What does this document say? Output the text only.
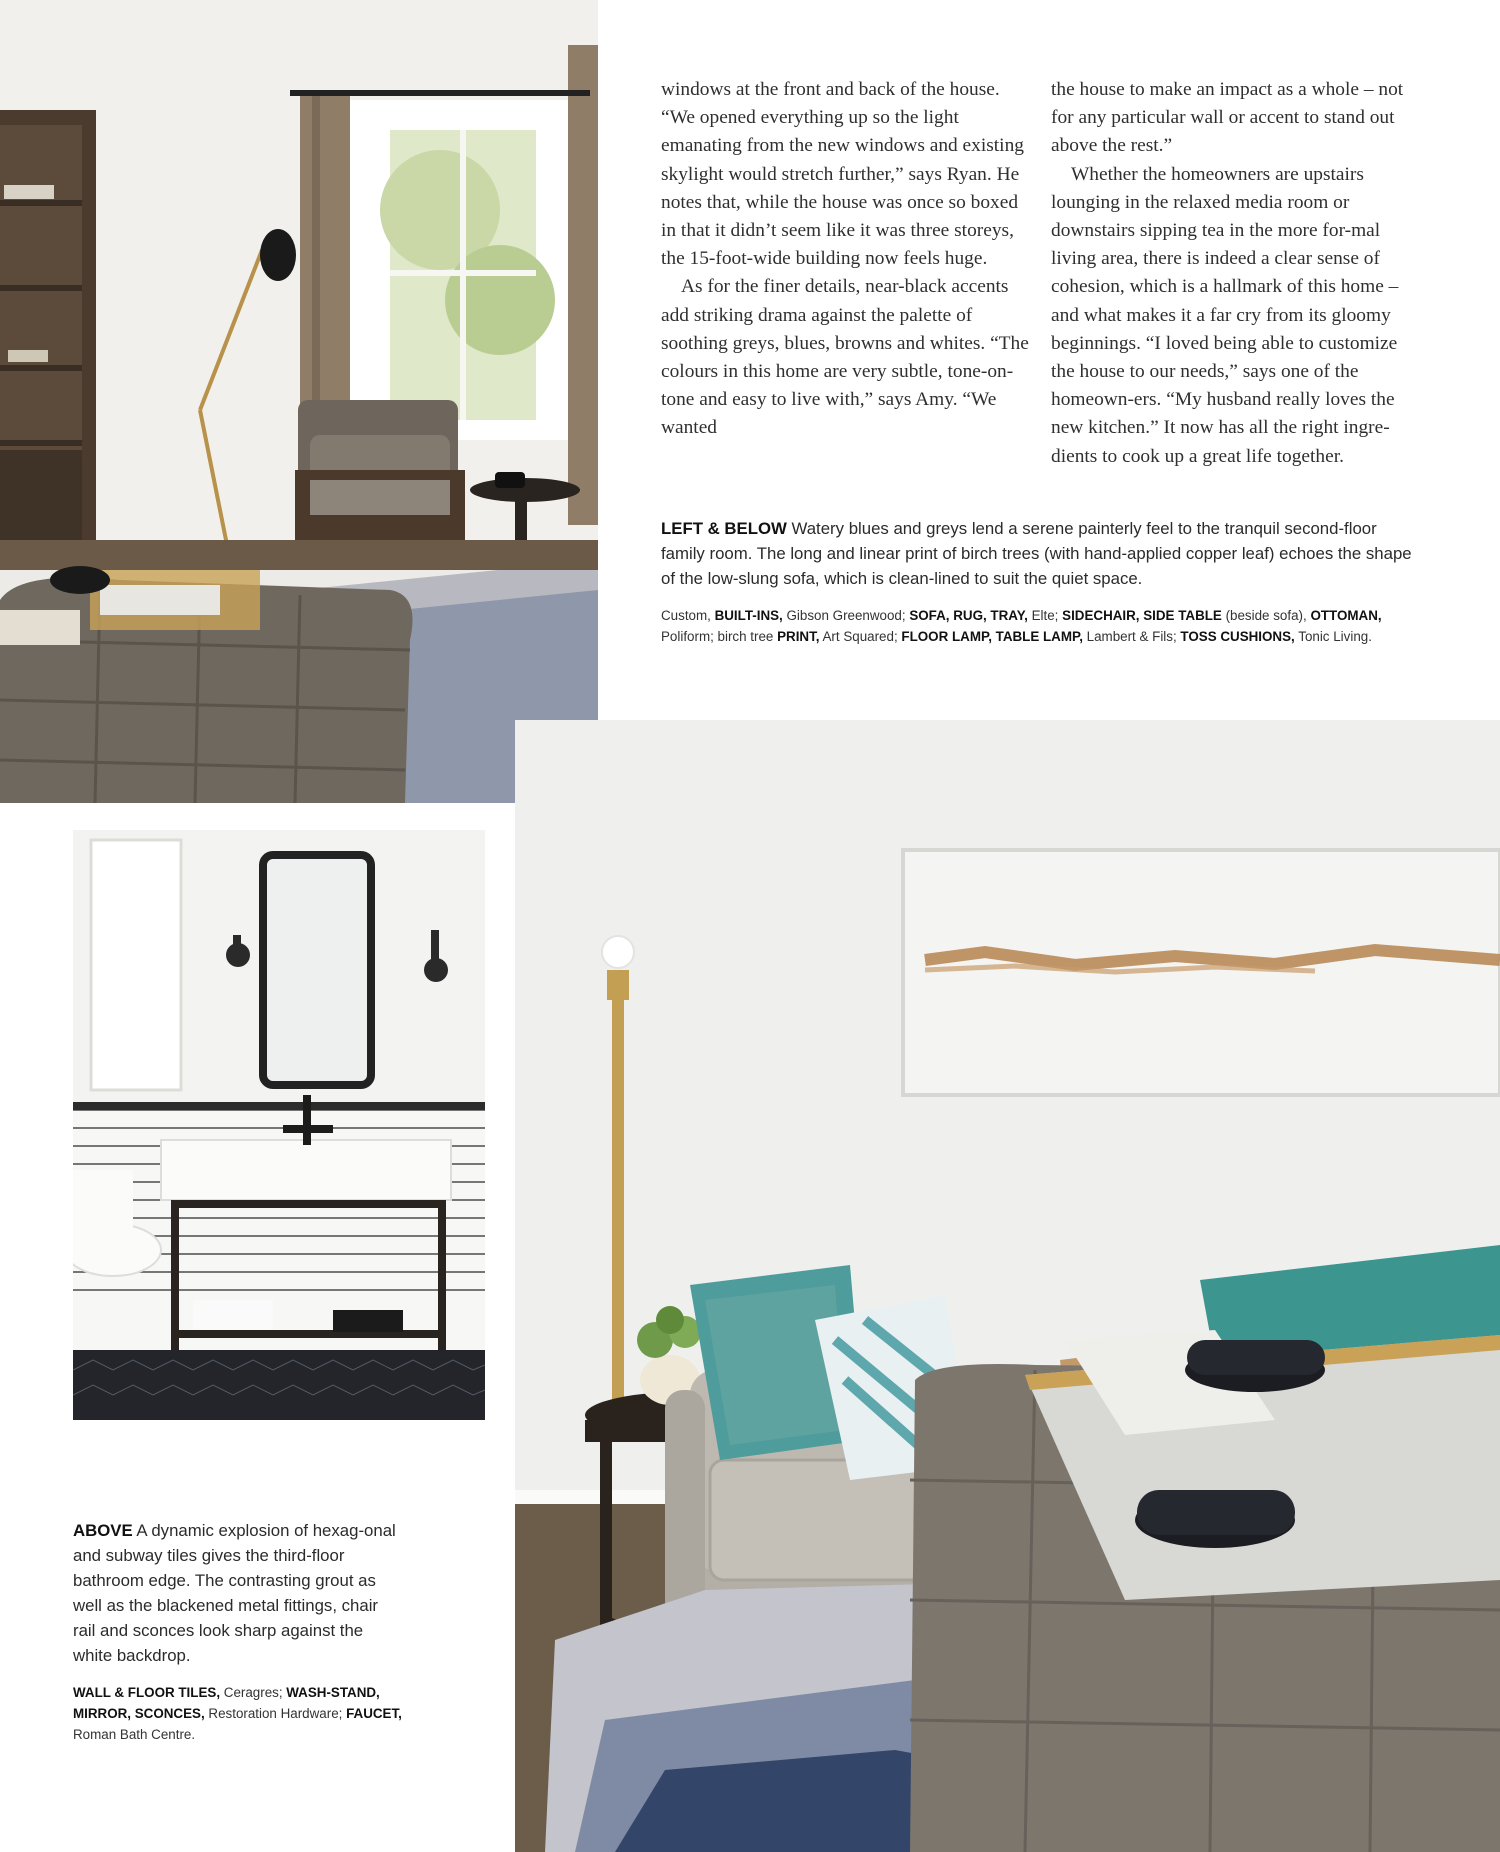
windows at the front and back of the house. “We opened everything up so the light emanating from the new windows and existing skylight would stretch further,” says Ryan. He notes that, while the house was once so boxed in that it didn’t seem like it was three storeys, the 15-foot-wide building now feels huge.

As for the finer details, near-black accents add striking drama against the palette of soothing greys, blues, browns and whites. “The colours in this home are very subtle, tone-on-tone and easy to live with,” says Amy. “We wanted

the house to make an impact as a whole – not for any particular wall or accent to stand out above the rest.”

Whether the homeowners are upstairs lounging in the relaxed media room or downstairs sipping tea in the more for-mal living area, there is indeed a clear sense of cohesion, which is a hallmark of this home – and what makes it a far cry from its gloomy beginnings. “I loved being able to customize the house to our needs,” says one of the homeown-ers. “My husband really loves the new kitchen.” It now has all the right ingre-dients to cook up a great life together.

LEFT & BELOW Watery blues and greys lend a serene painterly feel to the tranquil second-floor family room. The long and linear print of birch trees (with hand-applied copper leaf) echoes the shape of the low-slung sofa, which is clean-lined to suit the quiet space.
Custom, BUILT-INS, Gibson Greenwood; SOFA, RUG, TRAY, Elte; SIDECHAIR, SIDE TABLE (beside sofa), OTTOMAN, Poliform; birch tree PRINT, Art Squared; FLOOR LAMP, TABLE LAMP, Lambert & Fils; TOSS CUSHIONS, Tonic Living.
ABOVE A dynamic explosion of hexag-onal and subway tiles gives the third-floor bathroom edge. The contrasting grout as well as the blackened metal fittings, chair rail and sconces look sharp against the white backdrop.
WALL & FLOOR TILES, Ceragres; WASH-STAND, MIRROR, SCONCES, Restoration Hardware; FAUCET, Roman Bath Centre.
